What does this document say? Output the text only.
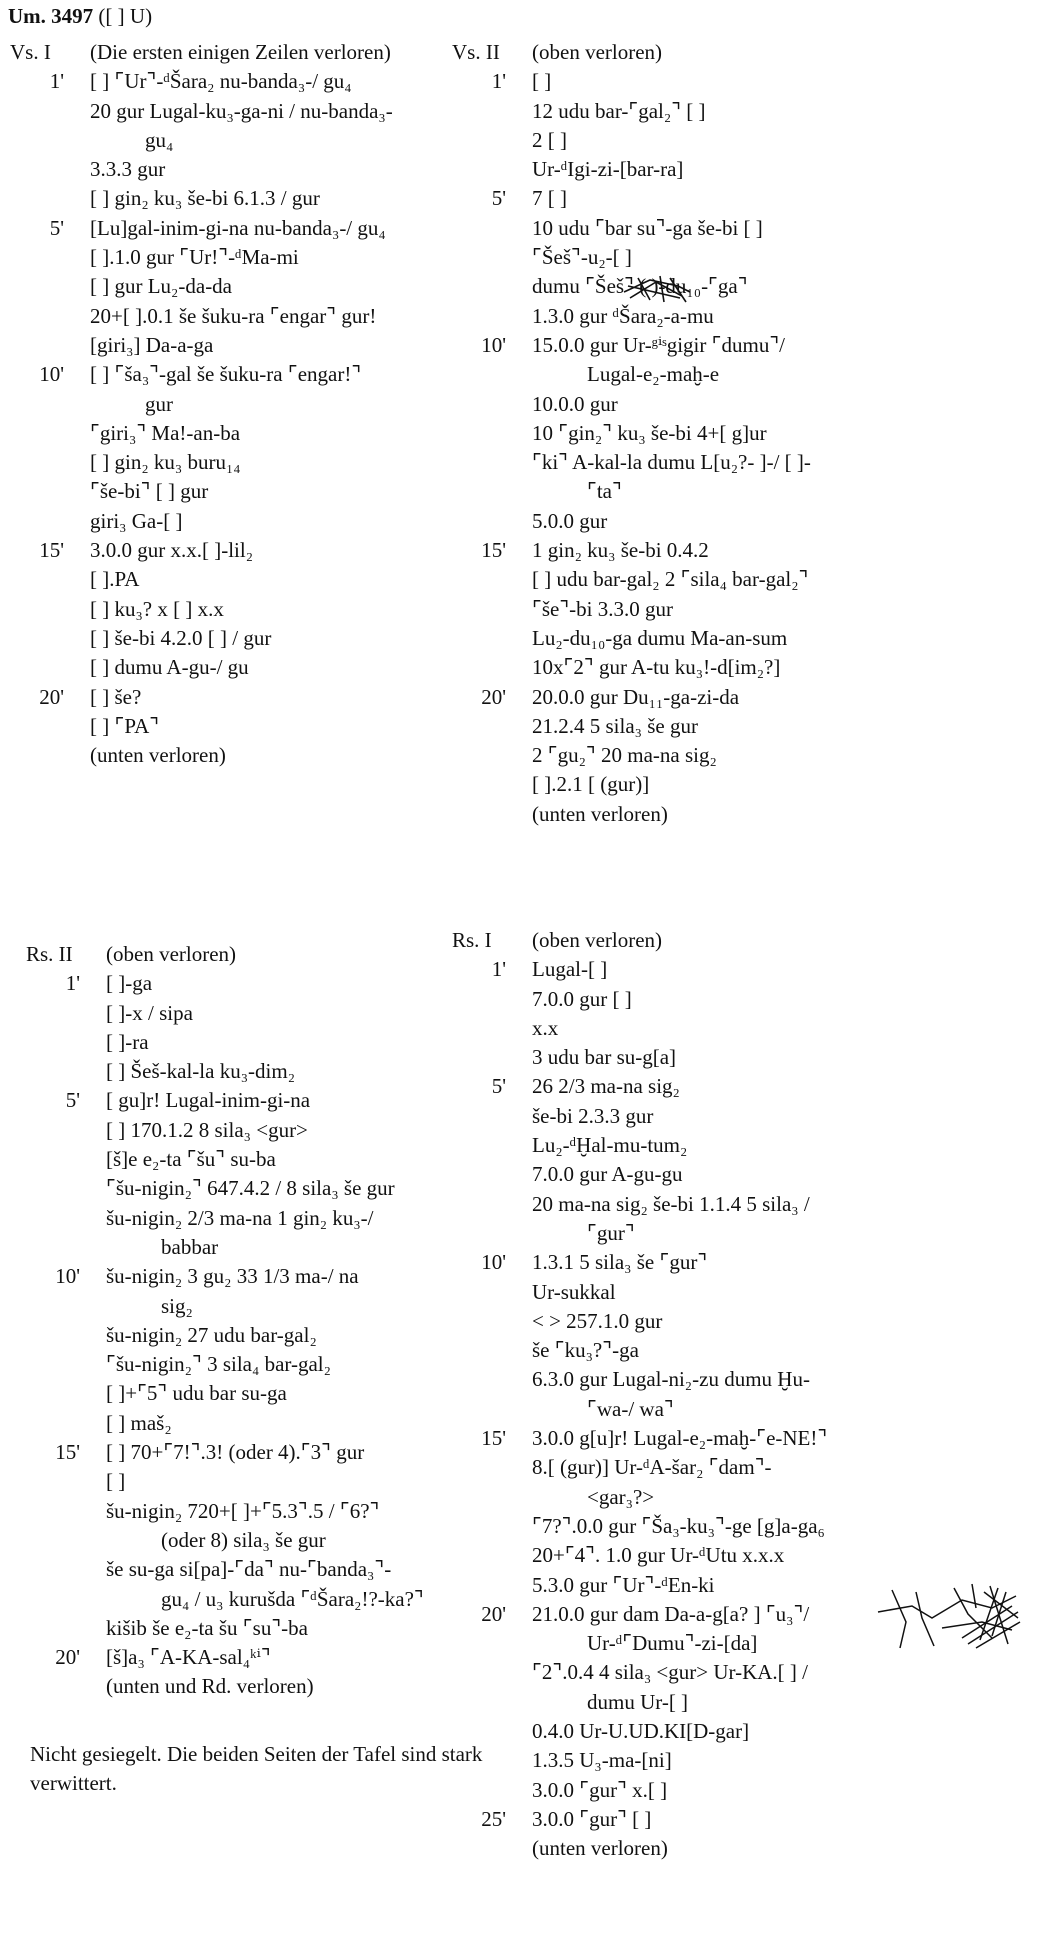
Um. 3497 ([ ] U)
Vs. I	(Die ersten einigen Zeilen verloren)
1'	[ ] ⌜Ur⌝-ᵈŠara₂ nu-banda₃-/ gu₄
20 gur Lugal-ku₃-ga-ni / nu-banda₃-
gu₄
3.3.3 gur
[ ] gin₂ ku₃ še-bi 6.1.3 / gur
5'	[Lu]gal-inim-gi-na nu-banda₃-/ gu₄
[ ].1.0 gur ⌜Ur!⌝-ᵈMa-mi
[ ] gur Lu₂-da-da
20+[ ].0.1 še šuku-ra ⌜engar⌝ gur!
[giri₃] Da-a-ga
10'	[ ] ⌜ša₃⌝-gal še šuku-ra ⌜engar!⌝
gur
⌜giri₃⌝ Ma!-an-ba
[ ] gin₂ ku₃ buru₁₄
⌜še-bi⌝ [ ] gur
giri₃ Ga-[ ]
15'	3.0.0 gur x.x.[ ]-lil₂
[ ].PA
[ ] ku₃? x [ ] x.x
[ ] še-bi 4.2.0 [ ] / gur
[ ] dumu A-gu-/ gu
20'	[ ] še?
[ ] ⌜PA⌝
(unten verloren)
Vs. II	(oben verloren)
1'	[ ]
12 udu bar-⌜gal₂⌝ [ ]
2 [ ]
Ur-ᵈIgi-zi-[bar-ra]
5'	7 [ ]
10 udu ⌜bar su⌝-ga še-bi [ ]
⌜Šeš⌝-u₂-[ ]
dumu ⌜Šeš⌝ ( )-du₁₀-⌜ga⌝
1.3.0 gur ᵈŠara₂-a-mu
10'	15.0.0 gur Ur-ᵍⁱˢgigir ⌜dumu⌝/
Lugal-e₂-maḫ-e
10.0.0 gur
10 ⌜gin₂⌝ ku₃ še-bi 4+[ g]ur
⌜ki⌝ A-kal-la dumu L[u₂?- ]-/ [ ]-
⌜ta⌝
5.0.0 gur
15'	1 gin₂ ku₃ še-bi 0.4.2
[ ] udu bar-gal₂ 2 ⌜sila₄ bar-gal₂⌝
⌜še⌝-bi 3.3.0 gur
Lu₂-du₁₀-ga dumu Ma-an-sum
10x⌜2⌝ gur A-tu ku₃!-d[im₂?]
20'	20.0.0 gur Du₁₁-ga-zi-da
21.2.4 5 sila₃ še gur
2 ⌜gu₂⌝ 20 ma-na sig₂
[ ].2.1 [ (gur)]
(unten verloren)
Rs. II	(oben verloren)
1'	[ ]-ga
[ ]-x / sipa
[ ]-ra
[ ] Šeš-kal-la ku₃-dim₂
5'	[ gu]r! Lugal-inim-gi-na
[ ] 170.1.2 8 sila₃ <gur>
[š]e e₂-ta ⌜šu⌝ su-ba
⌜šu-nigin₂⌝ 647.4.2 / 8 sila₃ še gur
šu-nigin₂ 2/3 ma-na 1 gin₂ ku₃-/
babbar
10'	šu-nigin₂ 3 gu₂ 33 1/3 ma-/ na
sig₂
šu-nigin₂ 27 udu bar-gal₂
⌜šu-nigin₂⌝ 3 sila₄ bar-gal₂
[ ]+⌜5⌝ udu bar su-ga
[ ] maš₂
15'	[ ] 70+⌜7!⌝.3! (oder 4).⌜3⌝ gur
[ ]
šu-nigin₂ 720+[ ]+⌜5.3⌝.5 / ⌜6?⌝
(oder 8) sila₃ še gur
še su-ga si[pa]-⌜da⌝ nu-⌜banda₃⌝-
gu₄ / u₃ kurušda ⌜ᵈŠara₂!?-ka?⌝
kišib še e₂-ta šu ⌜su⌝-ba
20'	[š]a₃ ⌜A-KA-sal₄ᵏⁱ⌝
(unten und Rd. verloren)
Rs. I	(oben verloren)
1'	Lugal-[ ]
7.0.0 gur [ ]
x.x
3 udu bar su-g[a]
5'	26 2/3 ma-na sig₂
še-bi 2.3.3 gur
Lu₂-ᵈḪal-mu-tum₂
7.0.0 gur A-gu-gu
20 ma-na sig₂ še-bi 1.1.4 5 sila₃ /
⌜gur⌝
10'	1.3.1 5 sila₃ še ⌜gur⌝
Ur-sukkal
< > 257.1.0 gur
še ⌜ku₃?⌝-ga
6.3.0 gur Lugal-ni₂-zu dumu Ḫu-
⌜wa-/ wa⌝
15'	3.0.0 g[u]r! Lugal-e₂-maḫ-⌜e-NE!⌝
8.[ (gur)] Ur-ᵈA-šar₂ ⌜dam⌝-
<gar₃?>
⌜7?⌝.0.0 gur ⌜Ša₃-ku₃⌝-ge [g]a-ga₆
20+⌜4⌝. 1.0 gur Ur-ᵈUtu x.x.x
5.3.0 gur ⌜Ur⌝-ᵈEn-ki
20'	21.0.0 gur dam Da-a-g[a? ] ⌜u₃⌝/
Ur-ᵈ⌜Dumu⌝-zi-[da]
⌜2⌝.0.4 4 sila₃ <gur> Ur-KA.[ ] /
dumu Ur-[ ]
0.4.0 Ur-U.UD.KI[D-gar]
1.3.5 U₃-ma-[ni]
3.0.0 ⌜gur⌝ x.[ ]
25'	3.0.0 ⌜gur⌝ [ ]
(unten verloren)
Nicht gesiegelt. Die beiden Seiten der Tafel sind stark verwittert.
